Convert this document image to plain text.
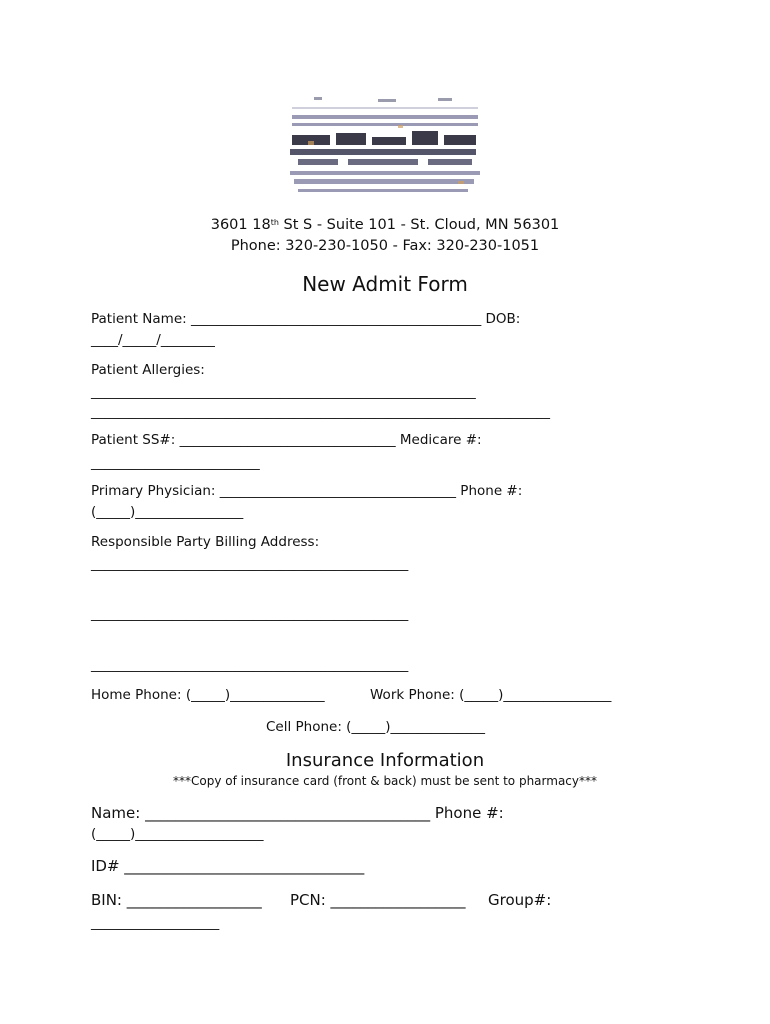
3601 18th St S - Suite 101 - St. Cloud, MN 56301
Phone: 320-230-1050 - Fax: 320-230-1051
New Admit Form
Patient Name: ___________________________________________ DOB:
____/_____/________
Patient Allergies:
_________________________________________________________
____________________________________________________________________
Patient SS#: ________________________________ Medicare #:
_________________________
Primary Physician: ___________________________________ Phone #:
(_____)________________
Responsible Party Billing Address:
_______________________________________________
_______________________________________________
_______________________________________________
Home Phone: (_____)______________	Work Phone: (_____)________________
Cell Phone: (_____)______________
Insurance Information
***Copy of insurance card (front & back) must be sent to pharmacy***
Name: ______________________________________ Phone #:
(_____)___________________
ID# ________________________________
BIN: __________________ PCN: __________________ Group#:
___________________
